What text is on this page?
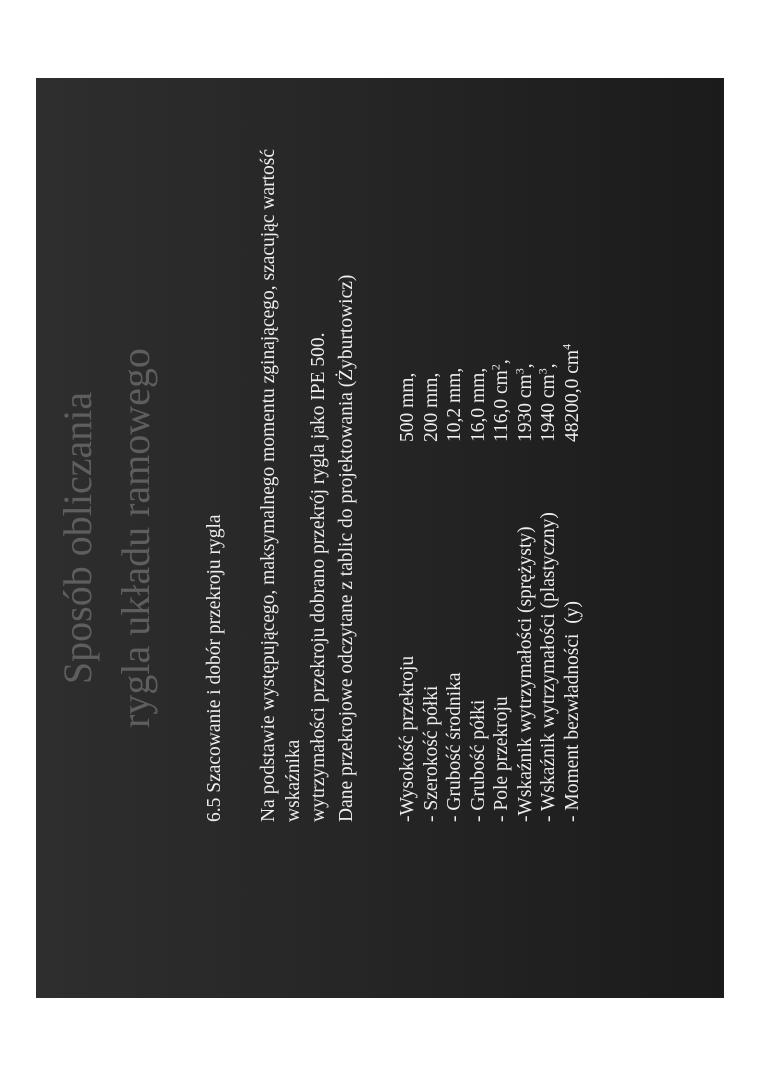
Sposób obliczania rygla układu ramowego 6.5 Szacowanie i dobór przekroju rygla Na podstawie występującego, maksymalnego momentu zginającego, szacując wartość wskaźnika wytrzymałości przekroju dobrano przekrój rygla jako IPE 500. Dane przekrojowe odczytane z tablic do projektowania (Żyburtowicz) -Wysokość przekroju
500 mm,
- Szerokość półki
200 mm,
- Grubość środnika
10,2 mm,
- Grubość półki
16,0 mm,
- Pole przekroju
116,0 $cm^2$,
-Wskaźnik wytrzymałości (sprężysty)
1930 $cm^3$,
- Wskaźnik wytrzymałości (plastyczny)
1940 $cm^3$,
- Moment bezwładności  (y)
48200,0 $cm^4$
